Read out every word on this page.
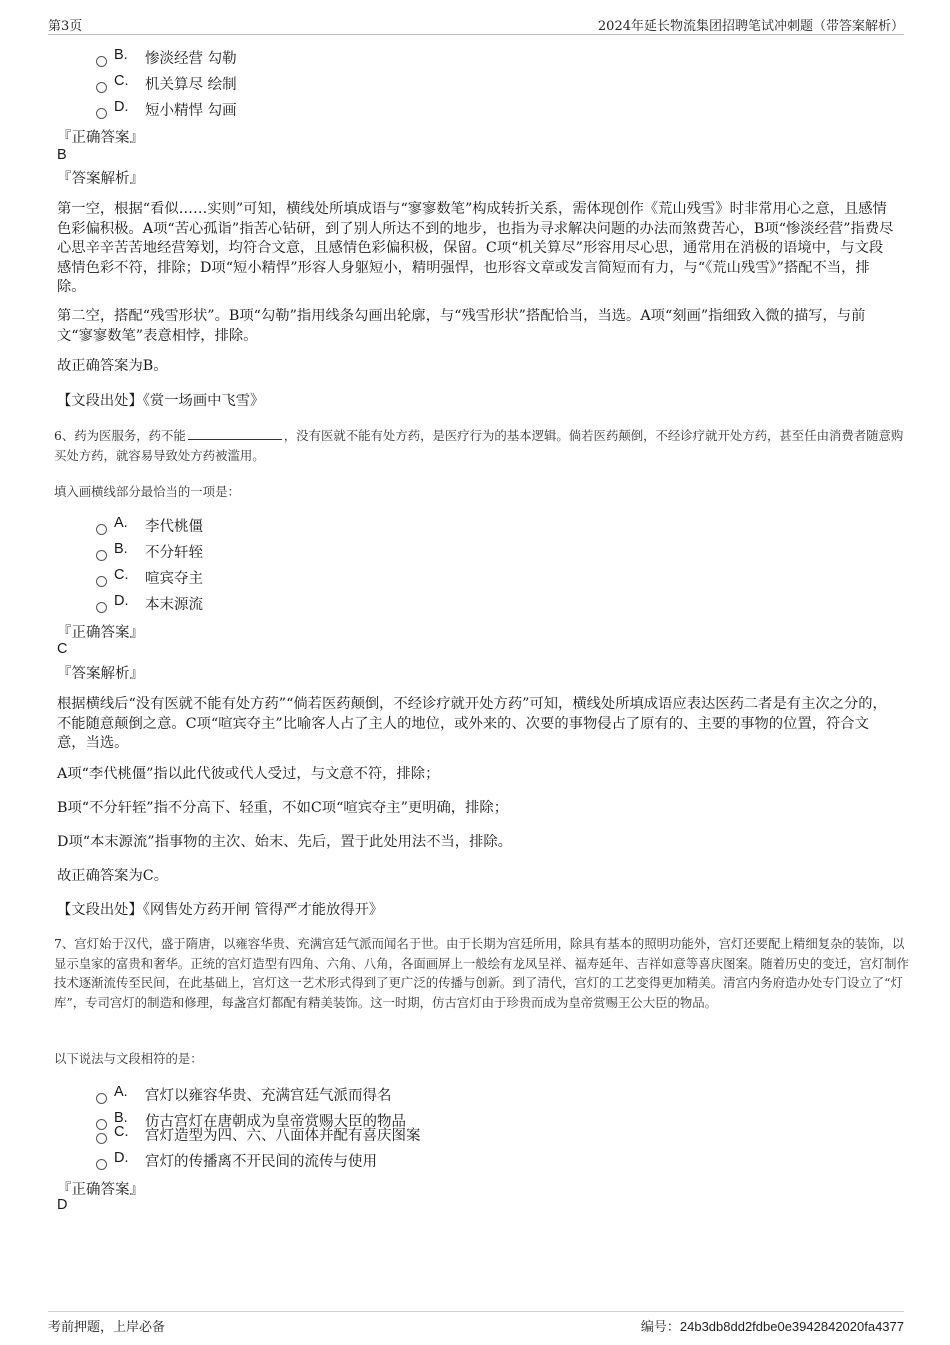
第3页	2024年延长物流集团招聘笔试冲刺题（带答案解析）
B. 惨淡经营 勾勒
C. 机关算尽 绘制
D. 短小精悍 勾画
『正确答案』
B
『答案解析』
第一空，根据“看似……实则”可知，横线处所填成语与“寥寥数笔”构成转折关系，需体现创作《荒山残雪》时非常用心之意，且感情色彩偏积极。A项“苦心孤诣”指苦心钻研，到了别人所达不到的地步，也指为寻求解决问题的办法而煞费苦心，B项“惨淡经营”指费尽心思辛辛苦苦地经营筹划，均符合文意，且感情色彩偏积极，保留。C项“机关算尽”形容用尽心思，通常用在消极的语境中，与文段感情色彩不符，排除；D项“短小精悍”形容人身躯短小，精明强悍，也形容文章或发言简短而有力，与“《荒山残雪》”搭配不当，排除。
第二空，搭配“残雪形状”。B项“勾勒”指用线条勾画出轮廓，与“残雪形状”搭配恰当，当选。A项“刻画”指细致入微的描写，与前文“寥寥数笔”表意相悖，排除。
故正确答案为B。
【文段出处】《赏一场画中飞雪》
6、药为医服务，药不能	，没有医就不能有处方药，是医疗行为的基本逻辑。倘若医药颠倒，不经诊疗就开处方药，甚至任由消费者随意购买处方药，就容易导致处方药被滥用。
填入画横线部分最恰当的一项是：
A. 李代桃僵
B. 不分轩轾
C. 喧宾夺主
D. 本末源流
『正确答案』
C
『答案解析』
根据横线后“没有医就不能有处方药”“倘若医药颠倒，不经诊疗就开处方药”可知，横线处所填成语应表达医药二者是有主次之分的，不能随意颠倒之意。C项“喧宾夺主”比喻客人占了主人的地位，或外来的、次要的事物侵占了原有的、主要的事物的位置，符合文意，当选。
A项“李代桃僵”指以此代彼或代人受过，与文意不符，排除；
B项“不分轩轾”指不分高下、轻重，不如C项“喧宾夺主”更明确，排除；
D项“本末源流”指事物的主次、始末、先后，置于此处用法不当，排除。
故正确答案为C。
【文段出处】《网售处方药开闸 管得严才能放得开》
7、宫灯始于汉代，盛于隋唐，以雍容华贵、充满宫廷气派而闻名于世。由于长期为宫廷所用，除具有基本的照明功能外，宫灯还要配上精细复杂的装饰，以显示皇家的富贵和奢华。正统的宫灯造型有四角、六角、八角，各面画屏上一般绘有龙凤呈祥、福寿延年、吉祥如意等喜庆图案。随着历史的变迁，宫灯制作技术逐渐流传至民间，在此基础上，宫灯这一艺术形式得到了更广泛的传播与创新。到了清代，宫灯的工艺变得更加精美。清宫内务府造办处专门设立了“灯库”，专司宫灯的制造和修理，每盏宫灯都配有精美装饰。这一时期，仿古宫灯由于珍贵而成为皇帝赏赐王公大臣的物品。
以下说法与文段相符的是：
A. 宫灯以雍容华贵、充满宫廷气派而得名
B. 仿古宫灯在唐朝成为皇帝赏赐大臣的物品
C. 宫灯造型为四、六、八面体并配有喜庆图案
D. 宫灯的传播离不开民间的流传与使用
『正确答案』
D
考前押题，上岸必备	编号：24b3db8dd2fdbe0e3942842020fa4377
